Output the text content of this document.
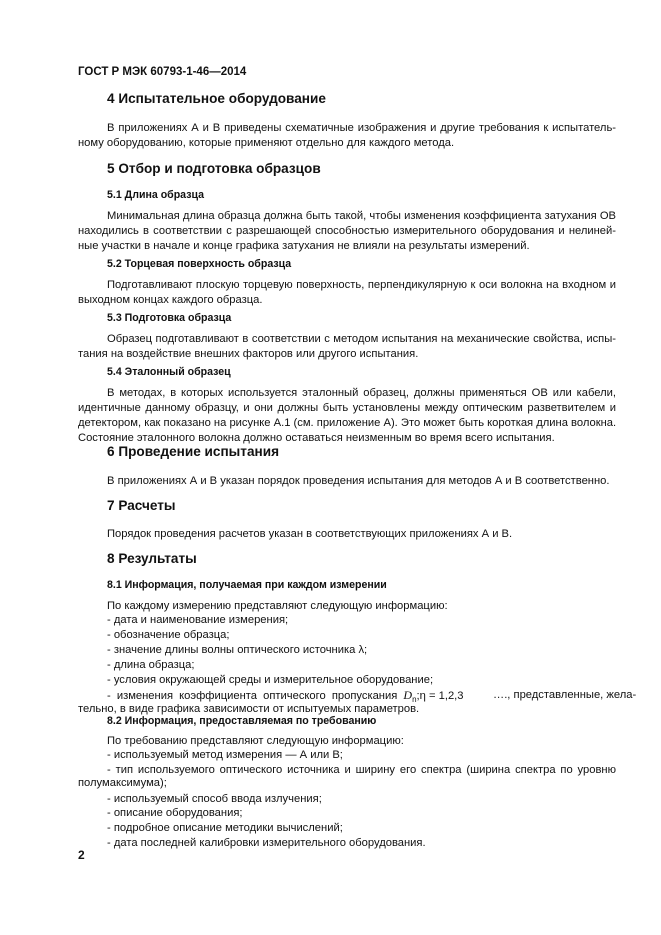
ГОСТ Р МЭК 60793-1-46—2014
4 Испытательное оборудование
В приложениях А и В приведены схематичные изображения и другие требования к испытатель-
ному оборудованию, которые применяют отдельно для каждого метода.
5 Отбор и подготовка образцов
5.1 Длина образца
Минимальная длина образца должна быть такой, чтобы изменения коэффициента затухания ОВ
находились в соответствии с разрешающей способностью измерительного оборудования и нелиней-
ные участки в начале и конце графика затухания не влияли на результаты измерений.
5.2 Торцевая поверхность образца
Подготавливают плоскую торцевую поверхность, перпендикулярную к оси волокна на входном и
выходном концах каждого образца.
5.3 Подготовка образца
Образец подготавливают в соответствии с методом испытания на механические свойства, испы-
тания на воздействие внешних факторов или другого испытания.
5.4 Эталонный образец
В методах, в которых используется эталонный образец, должны применяться ОВ или кабели,
идентичные данному образцу, и они должны быть установлены между оптическим разветвителем и
детектором, как показано на рисунке А.1 (см. приложение А). Это может быть короткая длина волокна.
Состояние эталонного волокна должно оставаться неизменным во время всего испытания.
6 Проведение испытания
В приложениях А и В указан порядок проведения испытания для методов А и В соответственно.
7 Расчеты
Порядок проведения расчетов указан в соответствующих приложениях А и В.
8 Результаты
8.1 Информация, получаемая при каждом измерении
По каждому измерению представляют следующую информацию:
- дата и наименование измерения;
- обозначение образца;
- значение длины волны оптического источника λ;
- длина образца;
- условия окружающей среды и измерительное оборудование;
- изменения коэффициента оптического пропускания $D_n;\eta = 1,2,3$	…., представленные, жела-
тельно, в виде графика зависимости от испытуемых параметров.
8.2 Информация, предоставляемая по требованию
По требованию представляют следующую информацию:
- используемый метод измерения — А или В;
- тип используемого оптического источника и ширину его спектра (ширина спектра по уровню
полумаксимума);
- используемый способ ввода излучения;
- описание оборудования;
- подробное описание методики вычислений;
- дата последней калибровки измерительного оборудования.
2
